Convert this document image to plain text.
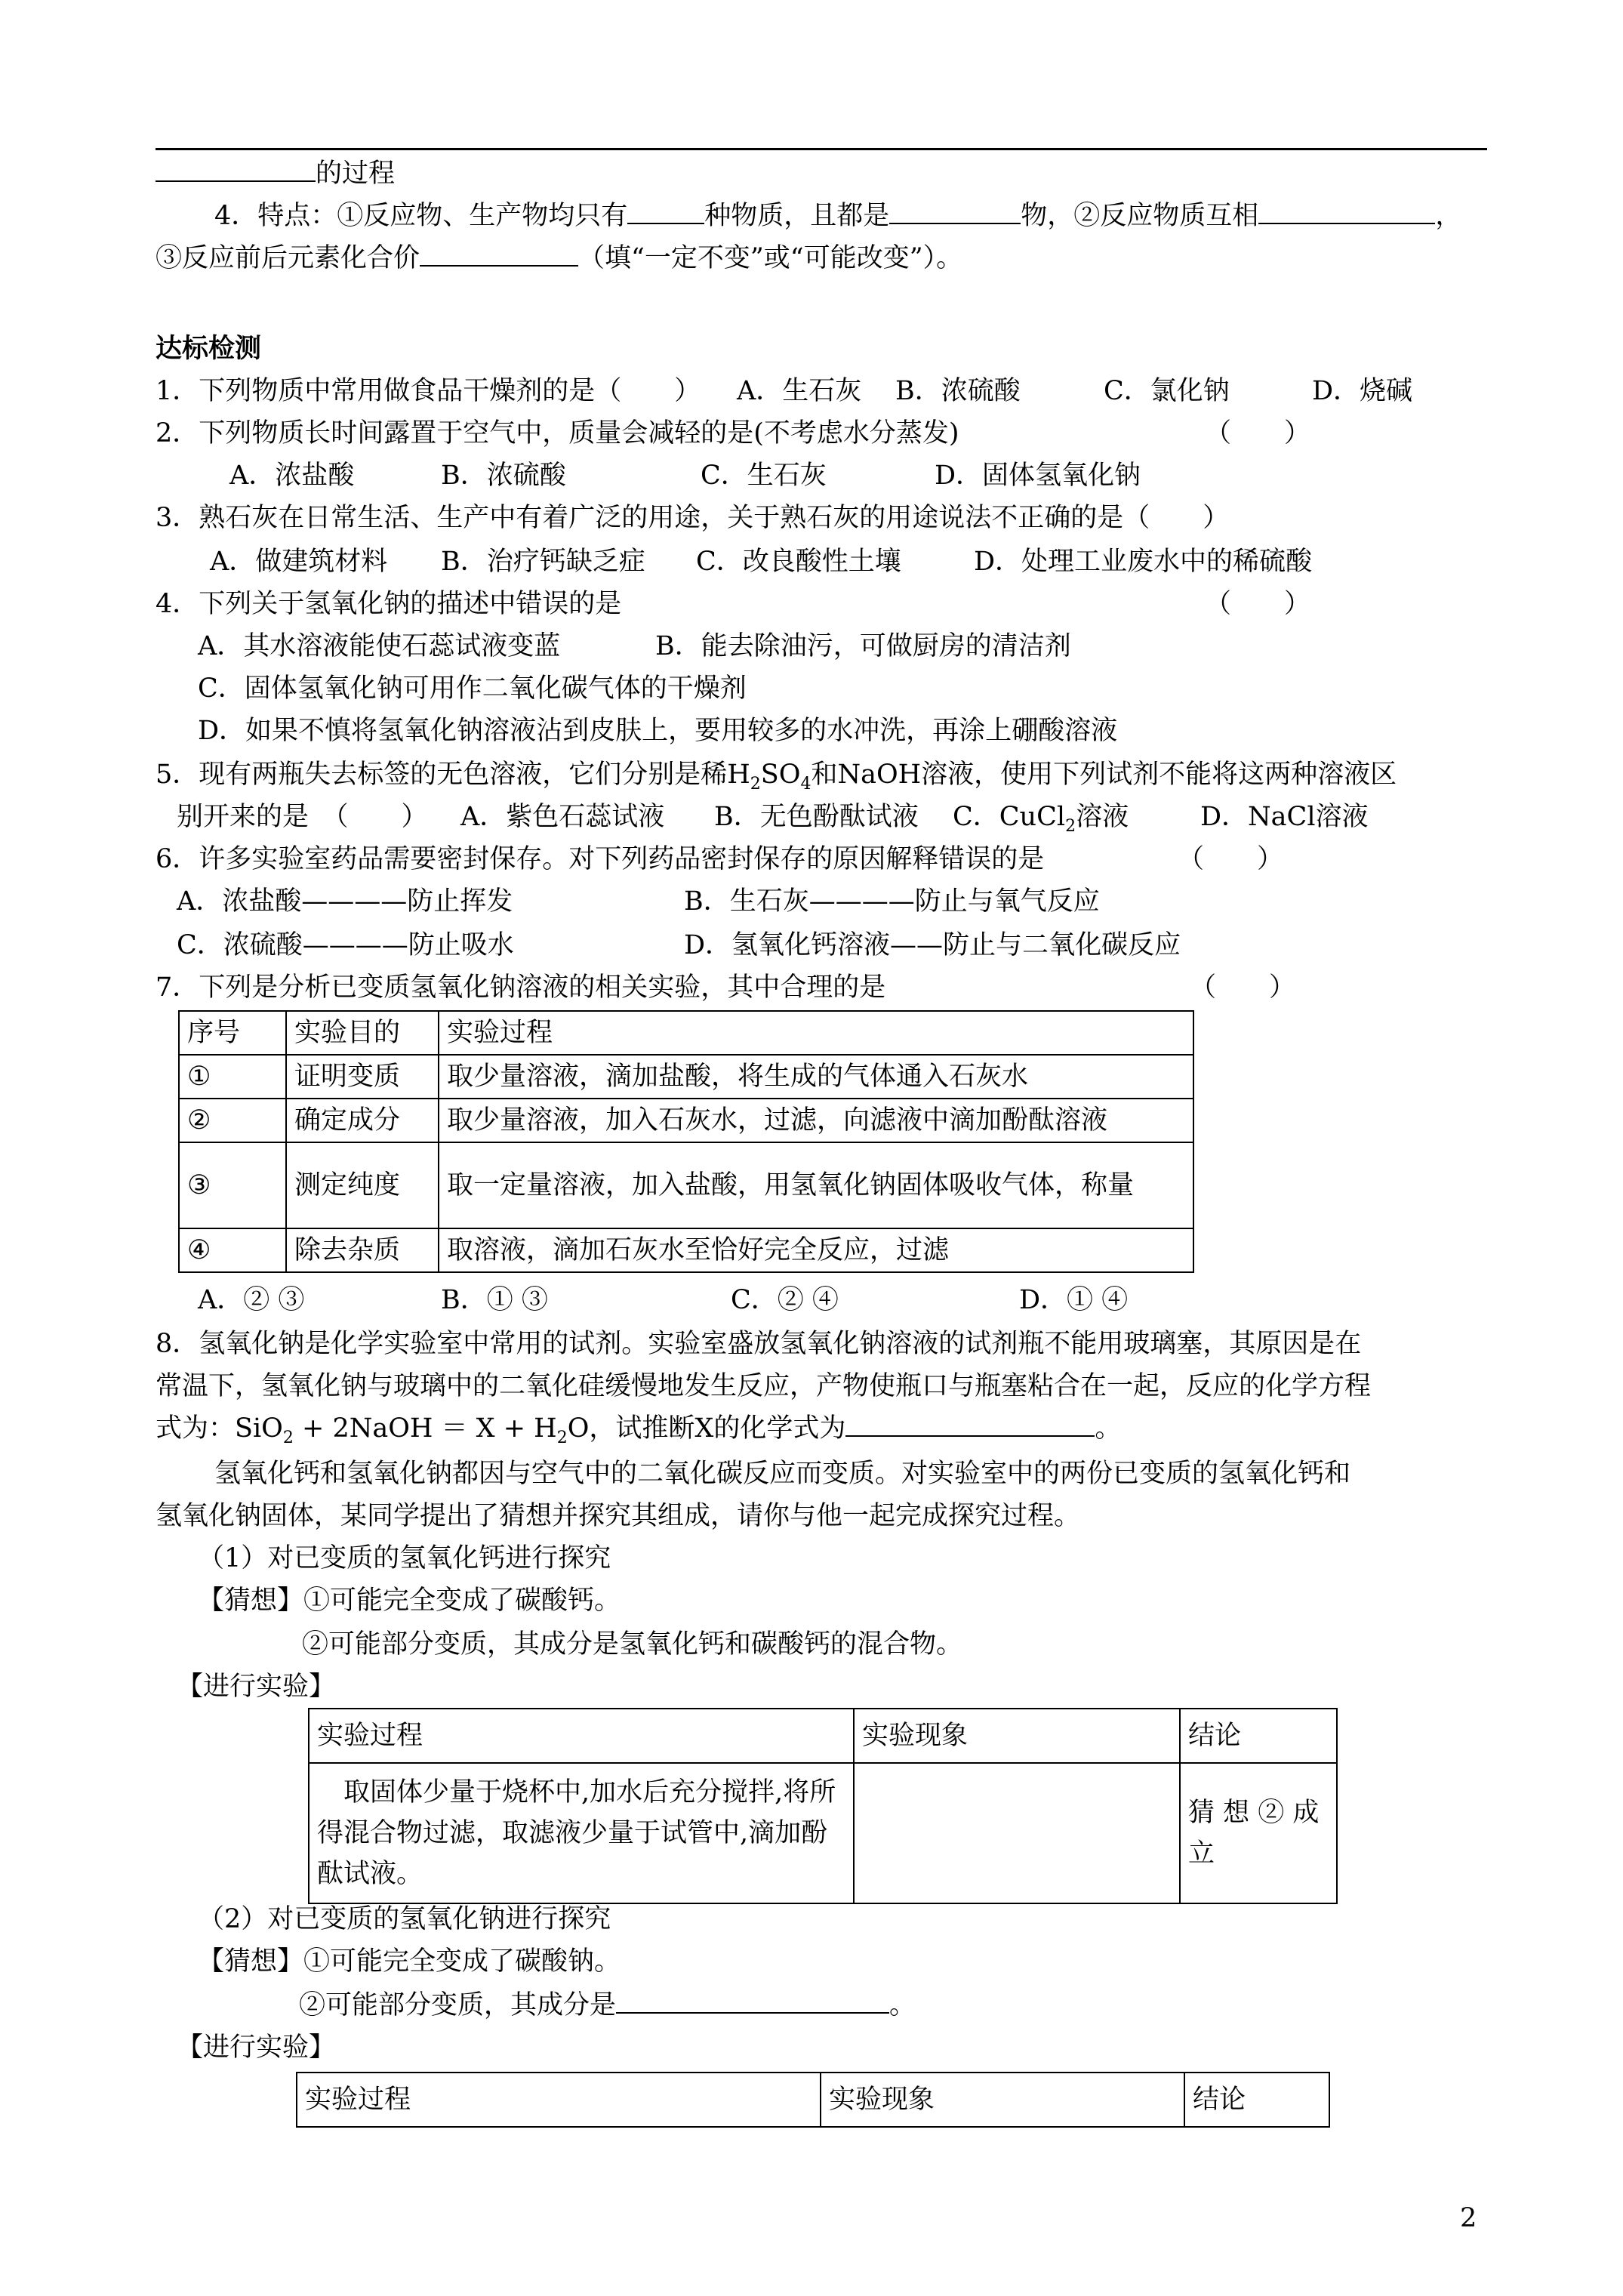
的过程
4．特点：①反应物、生产物均只有	种物质，且都是	物，②反应物质互相	，
③反应前后元素化合价	（填“一定不变”或“可能改变”）。
达标检测
1．下列物质中常用做食品干燥剂的是（　　） A．生石灰 B．浓硫酸	C．氯化钠	D．烧碱
2．下列物质长时间露置于空气中，质量会减轻的是(不考虑水分蒸发)	（　　）
A．浓盐酸	B．浓硫酸	C．生石灰	D．固体氢氧化钠
3．熟石灰在日常生活、生产中有着广泛的用途，关于熟石灰的用途说法不正确的是（　　）
A．做建筑材料 B．治疗钙缺乏症 C．改良酸性土壤	D．处理工业废水中的稀硫酸
4．下列关于氢氧化钠的描述中错误的是	（　　）
A．其水溶液能使石蕊试液变蓝	B．能去除油污，可做厨房的清洁剂
C．固体氢氧化钠可用作二氧化碳气体的干燥剂
D．如果不慎将氢氧化钠溶液沾到皮肤上，要用较多的水冲洗，再涂上硼酸溶液
5．现有两瓶失去标签的无色溶液，它们分别是稀$H_2SO_4$和NaOH溶液，使用下列试剂不能将这两种溶液区
别开来的是　（　　） A．紫色石蕊试液 B．无色酚酞试液 C．CuCl$_2$溶液	D．NaCl溶液
6．许多实验室药品需要密封保存。对下列药品密封保存的原因解释错误的是	（　　）
A．浓盐酸————防止挥发	B．生石灰————防止与氧气反应
C．浓硫酸————防止吸水	D．氢氧化钙溶液——防止与二氧化碳反应
7．下列是分析已变质氢氧化钠溶液的相关实验，其中合理的是	（　　）
序号	实验目的	实验过程
①	证明变质	取少量溶液，滴加盐酸，将生成的气体通入石灰水
②	确定成分	取少量溶液，加入石灰水，过滤，向滤液中滴加酚酞溶液
③	测定纯度	取一定量溶液，加入盐酸，用氢氧化钠固体吸收气体，称量
④	除去杂质	取溶液，滴加石灰水至恰好完全反应，过滤
A．② ③	B．① ③	C．② ④	D．① ④
8．氢氧化钠是化学实验室中常用的试剂。实验室盛放氢氧化钠溶液的试剂瓶不能用玻璃塞，其原因是在
常温下，氢氧化钠与玻璃中的二氧化硅缓慢地发生反应，产物使瓶口与瓶塞粘合在一起，反应的化学方程
式为：SiO$_2$ + 2NaOH ＝ $X + H_2O$，试推断X的化学式为	。
氢氧化钙和氢氧化钠都因与空气中的二氧化碳反应而变质。对实验室中的两份已变质的氢氧化钙和
氢氧化钠固体，某同学提出了猜想并探究其组成，请你与他一起完成探究过程。
（1）对已变质的氢氧化钙进行探究
【猜想】①可能完全变成了碳酸钙。
②可能部分变质，其成分是氢氧化钙和碳酸钙的混合物。
【进行实验】
实验过程	实验现象	结论
　取固体少量于烧杯中,加水后充分搅拌,将所得混合物过滤，取滤液少量于试管中,滴加酚酞试液。		猜 想 ② 成立
（2）对已变质的氢氧化钠进行探究
【猜想】①可能完全变成了碳酸钠。
②可能部分变质，其成分是	。
【进行实验】
实验过程	实验现象	结论
2
